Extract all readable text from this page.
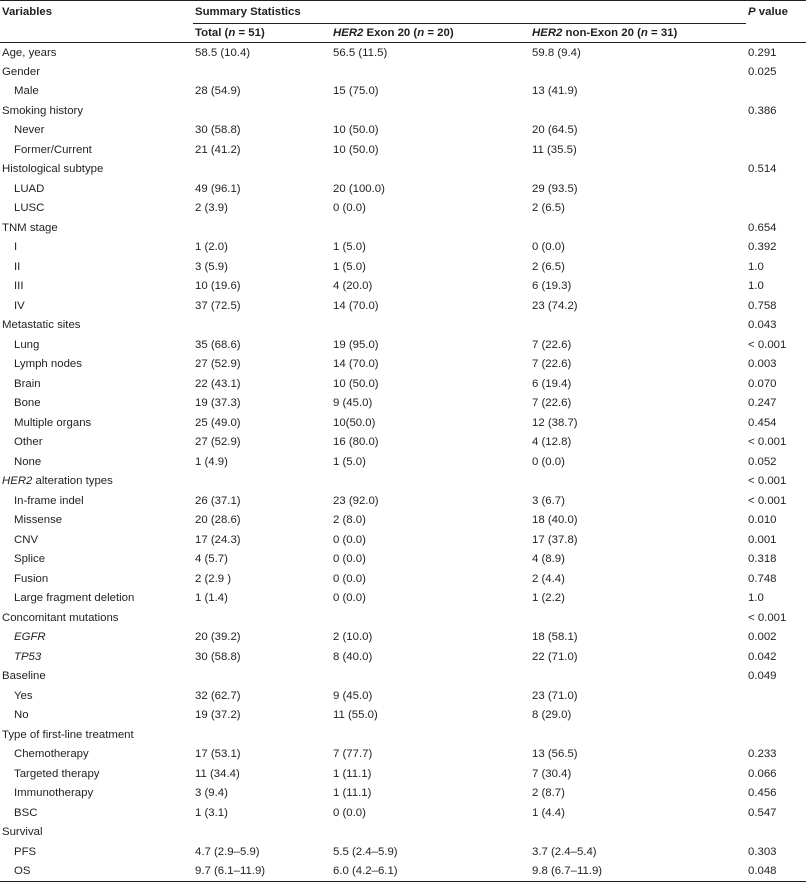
Variables	Summary Statistics			P value
	Total (n = 51)	HER2 Exon 20 (n = 20)	HER2 non-Exon 20 (n = 31)	
Age, years	58.5 (10.4)	56.5 (11.5)	59.8 (9.4)	0.291
Gender				0.025
Male	28 (54.9)	15 (75.0)	13 (41.9)	
Smoking history				0.386
Never	30 (58.8)	10 (50.0)	20 (64.5)	
Former/Current	21 (41.2)	10 (50.0)	11 (35.5)	
Histological subtype				0.514
LUAD	49 (96.1)	20 (100.0)	29 (93.5)	
LUSC	2 (3.9)	0 (0.0)	2 (6.5)	
TNM stage				0.654
I	1 (2.0)	1 (5.0)	0 (0.0)	0.392
II	3 (5.9)	1 (5.0)	2 (6.5)	1.0
III	10 (19.6)	4 (20.0)	6 (19.3)	1.0
IV	37 (72.5)	14 (70.0)	23 (74.2)	0.758
Metastatic sites				0.043
Lung	35 (68.6)	19 (95.0)	7 (22.6)	< 0.001
Lymph nodes	27 (52.9)	14 (70.0)	7 (22.6)	0.003
Brain	22 (43.1)	10 (50.0)	6 (19.4)	0.070
Bone	19 (37.3)	9 (45.0)	7 (22.6)	0.247
Multiple organs	25 (49.0)	10(50.0)	12 (38.7)	0.454
Other	27 (52.9)	16 (80.0)	4 (12.8)	< 0.001
None	1 (4.9)	1 (5.0)	0 (0.0)	0.052
HER2 alteration types				< 0.001
In-frame indel	26 (37.1)	23 (92.0)	3 (6.7)	< 0.001
Missense	20 (28.6)	2 (8.0)	18 (40.0)	0.010
CNV	17 (24.3)	0 (0.0)	17 (37.8)	0.001
Splice	4 (5.7)	0 (0.0)	4 (8.9)	0.318
Fusion	2 (2.9 )	0 (0.0)	2 (4.4)	0.748
Large fragment deletion	1 (1.4)	0 (0.0)	1 (2.2)	1.0
Concomitant mutations				< 0.001
EGFR	20 (39.2)	2 (10.0)	18 (58.1)	0.002
TP53	30 (58.8)	8 (40.0)	22 (71.0)	0.042
Baseline				0.049
Yes	32 (62.7)	9 (45.0)	23 (71.0)	
No	19 (37.2)	11 (55.0)	8 (29.0)	
Type of first-line treatment				
Chemotherapy	17 (53.1)	7 (77.7)	13 (56.5)	0.233
Targeted therapy	11 (34.4)	1 (11.1)	7 (30.4)	0.066
Immunotherapy	3 (9.4)	1 (11.1)	2 (8.7)	0.456
BSC	1 (3.1)	0 (0.0)	1 (4.4)	0.547
Survival				
PFS	4.7 (2.9–5.9)	5.5 (2.4–5.9)	3.7 (2.4–5.4)	0.303
OS	9.7 (6.1–11.9)	6.0 (4.2–6.1)	9.8 (6.7–11.9)	0.048
